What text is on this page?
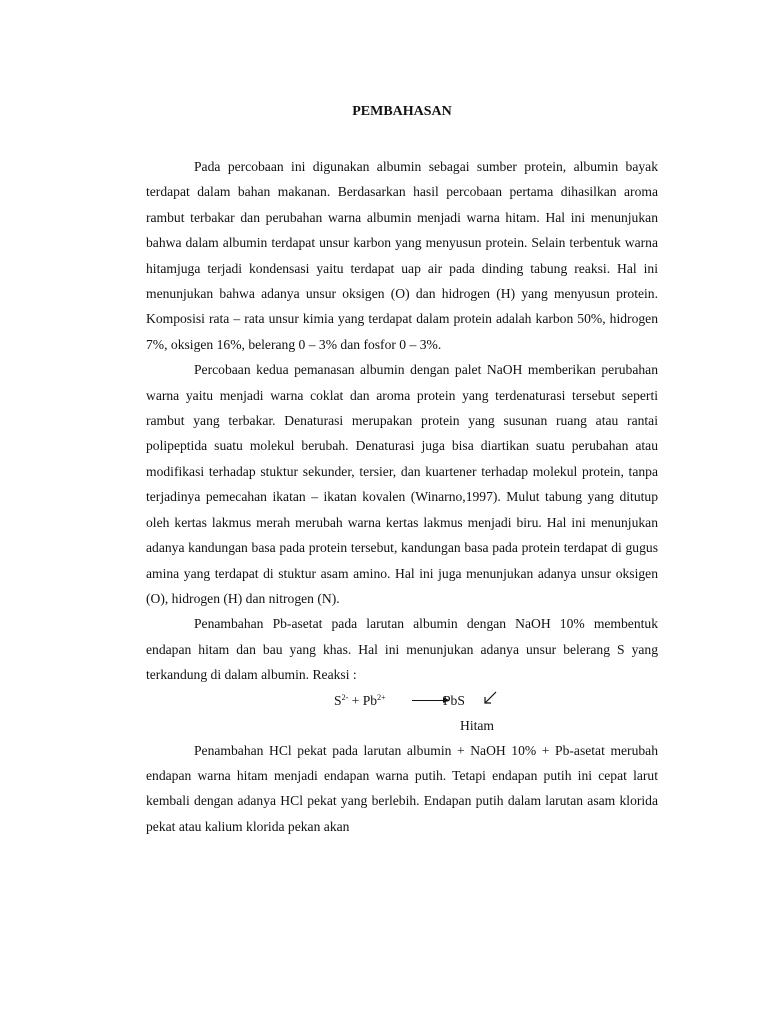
PEMBAHASAN

Pada percobaan ini digunakan albumin sebagai sumber protein, albumin bayak terdapat dalam bahan makanan. Berdasarkan hasil percobaan pertama dihasilkan aroma rambut terbakar dan perubahan warna albumin menjadi warna hitam. Hal ini menunjukan bahwa dalam albumin terdapat unsur karbon yang menyusun protein. Selain terbentuk warna hitamjuga terjadi kondensasi yaitu terdapat uap air pada dinding tabung reaksi. Hal ini menunjukan bahwa adanya unsur oksigen (O) dan hidrogen (H) yang menyusun protein. Komposisi rata – rata unsur kimia yang terdapat dalam protein adalah karbon 50%, hidrogen 7%, oksigen 16%, belerang 0 – 3% dan fosfor 0 – 3%.

Percobaan kedua pemanasan albumin dengan palet NaOH memberikan perubahan warna yaitu menjadi warna coklat dan aroma protein yang terdenaturasi tersebut seperti rambut yang terbakar. Denaturasi merupakan protein yang susunan ruang atau rantai polipeptida suatu molekul berubah. Denaturasi juga bisa diartikan suatu perubahan atau modifikasi terhadap stuktur sekunder, tersier, dan kuartener terhadap molekul protein, tanpa terjadinya pemecahan ikatan – ikatan kovalen (Winarno,1997). Mulut tabung yang ditutup oleh kertas lakmus merah merubah warna kertas lakmus menjadi biru. Hal ini menunjukan adanya kandungan basa pada protein tersebut, kandungan basa pada protein terdapat di gugus amina yang terdapat di stuktur asam amino. Hal ini juga menunjukan adanya unsur oksigen (O), hidrogen (H) dan nitrogen (N).

Penambahan Pb-asetat pada larutan albumin dengan NaOH 10% membentuk endapan hitam dan bau yang khas. Hal ini menunjukan adanya unsur belerang S yang terkandung di dalam albumin. Reaksi :

$S^{2-} + Pb^{2+}$	PbS
Hitam

Penambahan HCl pekat pada larutan albumin + NaOH 10% + Pb-asetat merubah endapan warna hitam menjadi endapan warna putih. Tetapi endapan putih ini cepat larut kembali dengan adanya HCl pekat yang berlebih. Endapan putih dalam larutan asam klorida pekat atau kalium klorida pekan akan
